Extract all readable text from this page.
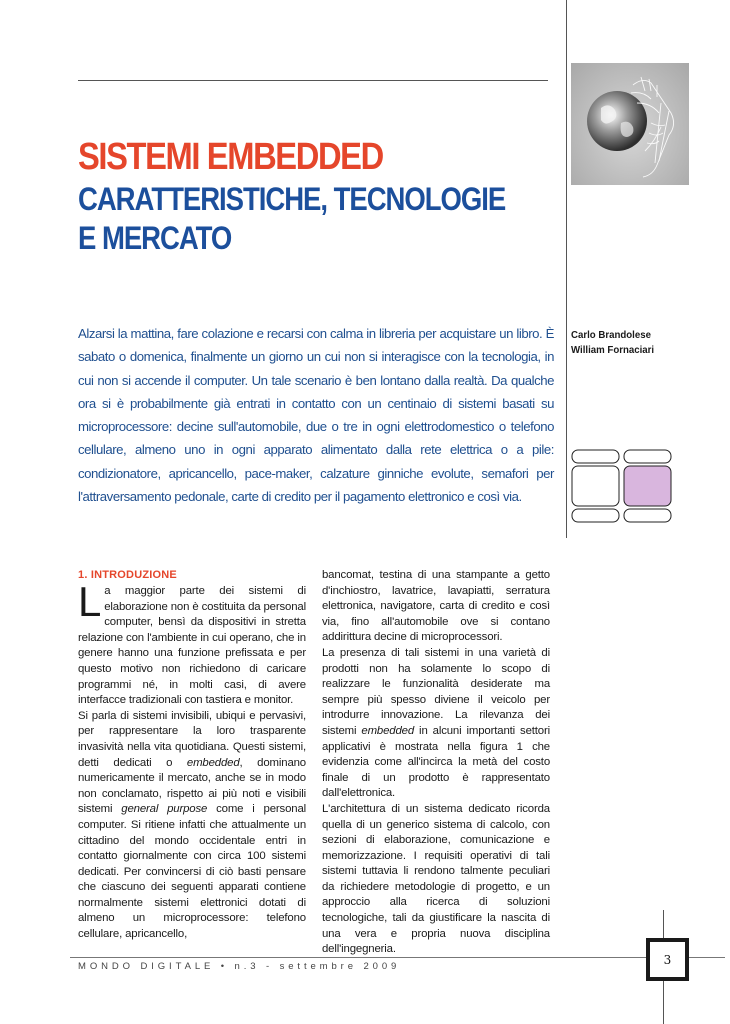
SISTEMI EMBEDDED
CARATTERISTICHE, TECNOLOGIE
E MERCATO
Carlo Brandolese
William Fornaciari
Alzarsi la mattina, fare colazione e recarsi con calma in libreria per acquistare un libro. È sabato o domenica, finalmente un giorno un cui non si interagisce con la tecnologia, in cui non si accende il computer. Un tale scenario è ben lontano dalla realtà. Da qualche ora si è probabilmente già entrati in contatto con un centinaio di sistemi basati su microprocessore: decine sull'automobile, due o tre in ogni elettrodomestico o telefono cellulare, almeno uno in ogni apparato alimentato dalla rete elettrica o a pile: condizionatore, apricancello, pace-maker, calzature ginniche evolute, semafori per l'attraversamento pedonale, carte di credito per il pagamento elettronico e così via.
1. INTRODUZIONE

La maggior parte dei sistemi di elaborazione non è costituita da personal computer, bensì da dispositivi in stretta relazione con l'ambiente in cui operano, che in genere hanno una funzione prefissata e per questo motivo non richiedono di caricare programmi né, in molti casi, di avere interfacce tradizionali con tastiera e monitor.

Si parla di sistemi invisibili, ubiqui e pervasivi, per rappresentare la loro trasparente invasività nella vita quotidiana. Questi sistemi, detti dedicati o embedded, dominano numericamente il mercato, anche se in modo non conclamato, rispetto ai più noti e visibili sistemi general purpose come i personal computer. Si ritiene infatti che attualmente un cittadino del mondo occidentale entri in contatto giornalmente con circa 100 sistemi dedicati. Per convincersi di ciò basti pensare che ciascuno dei seguenti apparati contiene normalmente sistemi elettronici dotati di almeno un microprocessore: telefono cellulare, apricancello,

bancomat, testina di una stampante a getto d'inchiostro, lavatrice, lavapiatti, serratura elettronica, navigatore, carta di credito e così via, fino all'automobile ove si contano addirittura decine di microprocessori.

La presenza di tali sistemi in una varietà di prodotti non ha solamente lo scopo di realizzare le funzionalità desiderate ma sempre più spesso diviene il veicolo per introdurre innovazione. La rilevanza dei sistemi embedded in alcuni importanti settori applicativi è mostrata nella figura 1 che evidenzia come all'incirca la metà del costo finale di un prodotto è rappresentato dall'elettronica.

L'architettura di un sistema dedicato ricorda quella di un generico sistema di calcolo, con sezioni di elaborazione, comunicazione e memorizzazione. I requisiti operativi di tali sistemi tuttavia li rendono talmente peculiari da richiedere metodologie di progetto, e un approccio alla ricerca di soluzioni tecnologiche, tali da giustificare la nascita di una vera e propria nuova disciplina dell'ingegneria.

MONDO DIGITALE • n.3 - settembre 2009	3
